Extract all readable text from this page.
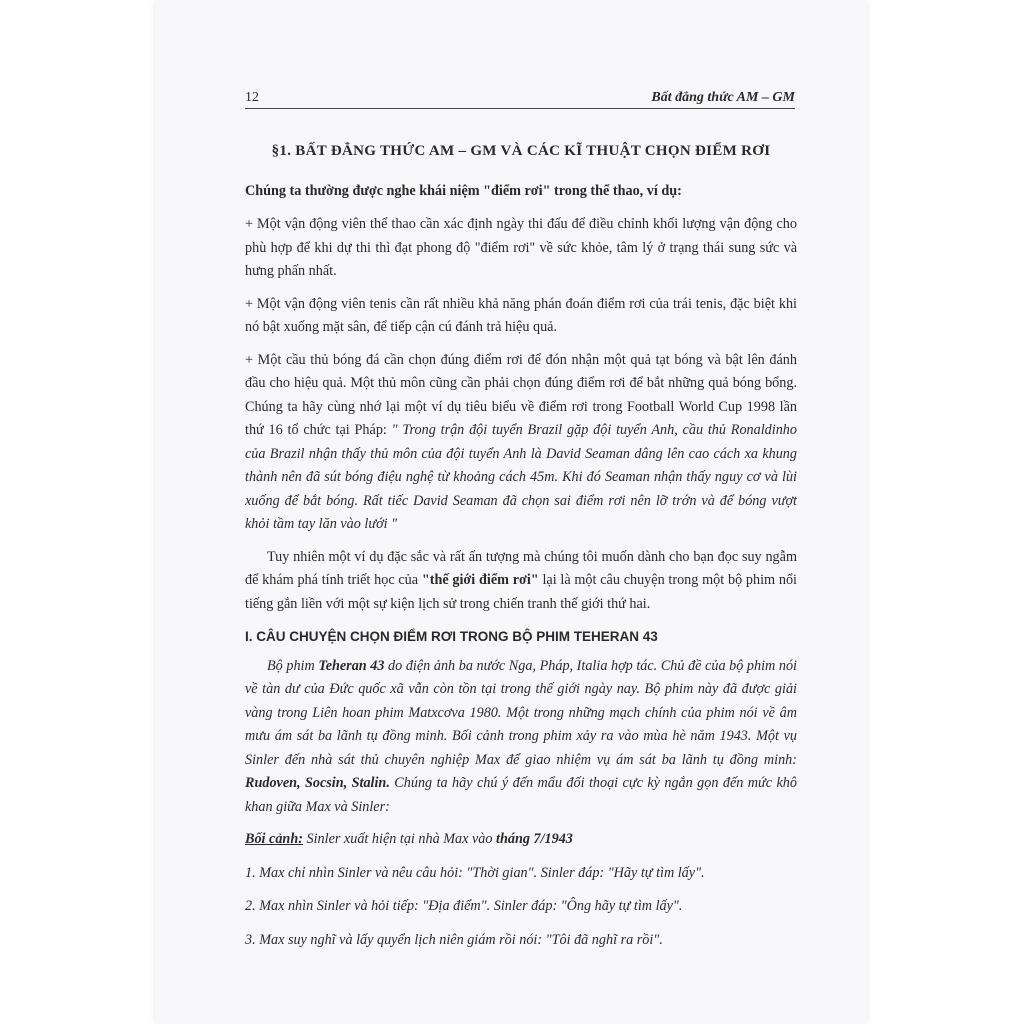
12	Bất đẳng thức AM – GM
§1. BẤT ĐẲNG THỨC AM – GM VÀ CÁC KĨ THUẬT CHỌN ĐIỂM RƠI

Chúng ta thường được nghe khái niệm "điểm rơi" trong thể thao, ví dụ:

+ Một vận động viên thể thao cần xác định ngày thi đấu để điều chỉnh khối lượng vận động cho phù hợp để khi dự thi thì đạt phong độ "điểm rơi" về sức khỏe, tâm lý ở trạng thái sung sức và hưng phấn nhất.

+ Một vận động viên tenis cần rất nhiều khả năng phán đoán điểm rơi của trái tenis, đặc biệt khi nó bật xuống mặt sân, để tiếp cận cú đánh trả hiệu quả.

+ Một cầu thủ bóng đá cần chọn đúng điểm rơi để đón nhận một quả tạt bóng và bật lên đánh đầu cho hiệu quả. Một thủ môn cũng cần phải chọn đúng điểm rơi để bắt những quả bóng bổng. Chúng ta hãy cùng nhớ lại một ví dụ tiêu biểu về điểm rơi trong Football World Cup 1998 lần thứ 16 tổ chức tại Pháp: " Trong trận đội tuyển Brazil gặp đội tuyển Anh, cầu thủ Ronaldinho của Brazil nhận thấy thủ môn của đội tuyển Anh là David Seaman dâng lên cao cách xa khung thành nên đã sút bóng điệu nghệ từ khoảng cách 45m. Khi đó Seaman nhận thấy nguy cơ và lùi xuống để bắt bóng. Rất tiếc David Seaman đã chọn sai điểm rơi nên lỡ trớn và để bóng vượt khỏi tầm tay lăn vào lưới "

Tuy nhiên một ví dụ đặc sắc và rất ấn tượng mà chúng tôi muốn dành cho bạn đọc suy ngẫm để khám phá tính triết học của "thế giới điểm rơi" lại là một câu chuyện trong một bộ phim nổi tiếng gắn liền với một sự kiện lịch sử trong chiến tranh thế giới thứ hai.

I. CÂU CHUYỆN CHỌN ĐIỂM RƠI TRONG BỘ PHIM TEHERAN 43

Bộ phim Teheran 43 do điện ảnh ba nước Nga, Pháp, Italia hợp tác. Chủ đề của bộ phim nói về tàn dư của Đức quốc xã vẫn còn tồn tại trong thế giới ngày nay. Bộ phim này đã được giải vàng trong Liên hoan phim Matxcơva 1980. Một trong những mạch chính của phim nói về âm mưu ám sát ba lãnh tụ đồng minh. Bối cảnh trong phim xảy ra vào mùa hè năm 1943. Một vụ Sinler đến nhà sát thủ chuyên nghiệp Max để giao nhiệm vụ ám sát ba lãnh tụ đồng minh: Rudoven, Socsin, Stalin. Chúng ta hãy chú ý đến mẩu đối thoại cực kỳ ngắn gọn đến mức khô khan giữa Max và Sinler:

Bối cảnh: Sinler xuất hiện tại nhà Max vào tháng 7/1943

1. Max chỉ nhìn Sinler và nêu câu hỏi: "Thời gian". Sinler đáp: "Hãy tự tìm lấy".

2. Max nhìn Sinler và hỏi tiếp: "Địa điểm". Sinler đáp: "Ông hãy tự tìm lấy".

3. Max suy nghĩ và lấy quyển lịch niên giám rồi nói: "Tôi đã nghĩ ra rồi".
